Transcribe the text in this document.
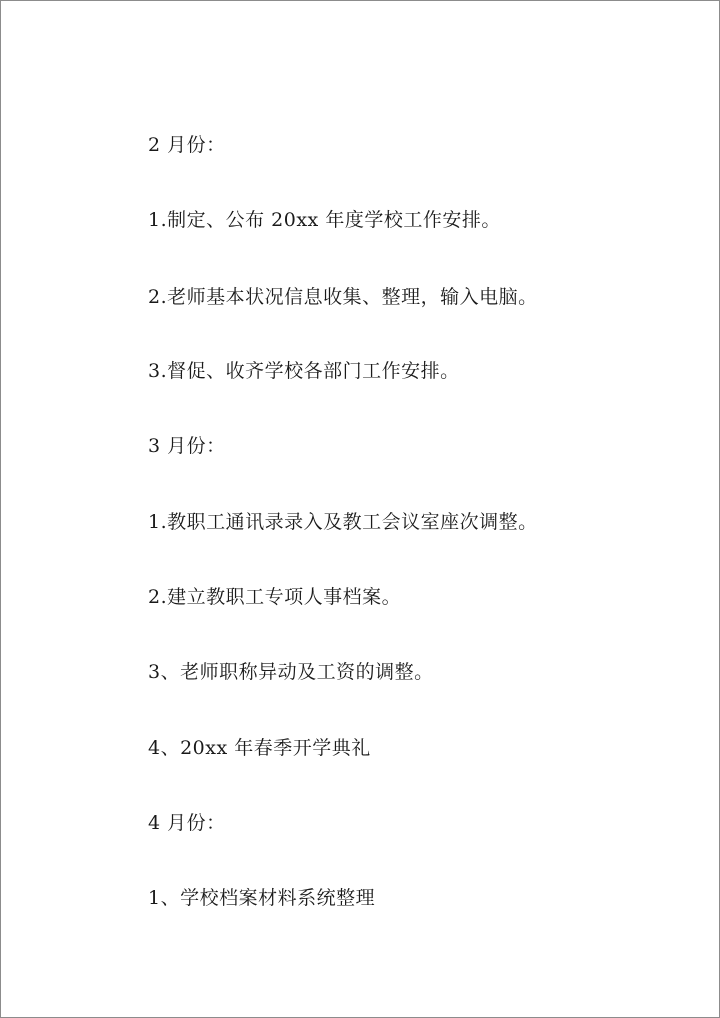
2 月份：

1.制定、公布 20xx 年度学校工作安排。

2.老师基本状况信息收集、整理，输入电脑。

3.督促、收齐学校各部门工作安排。

3 月份：

1.教职工通讯录录入及教工会议室座次调整。

2.建立教职工专项人事档案。

3、老师职称异动及工资的调整。

4、20xx 年春季开学典礼

4 月份：

1、学校档案材料系统整理
